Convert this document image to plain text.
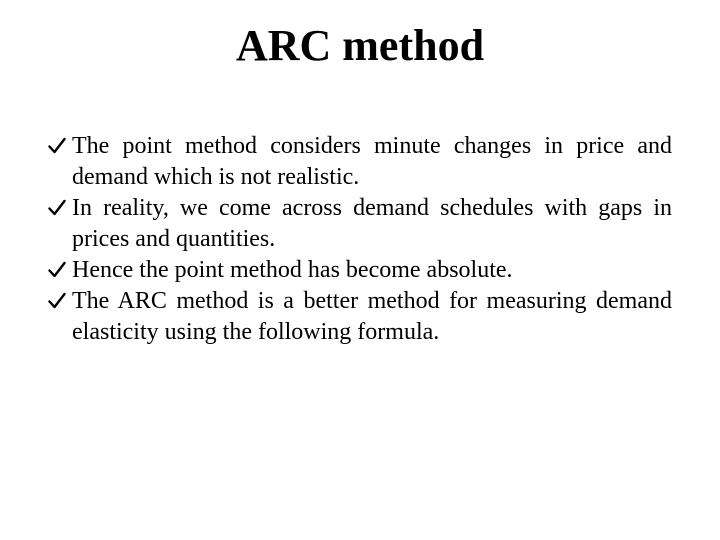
ARC method
The point method considers minute changes in price and demand which is not realistic.
In reality, we come across demand schedules with gaps in prices and quantities.
Hence the point method has become absolute.
The ARC method is a better method for measuring demand elasticity using the following formula.
